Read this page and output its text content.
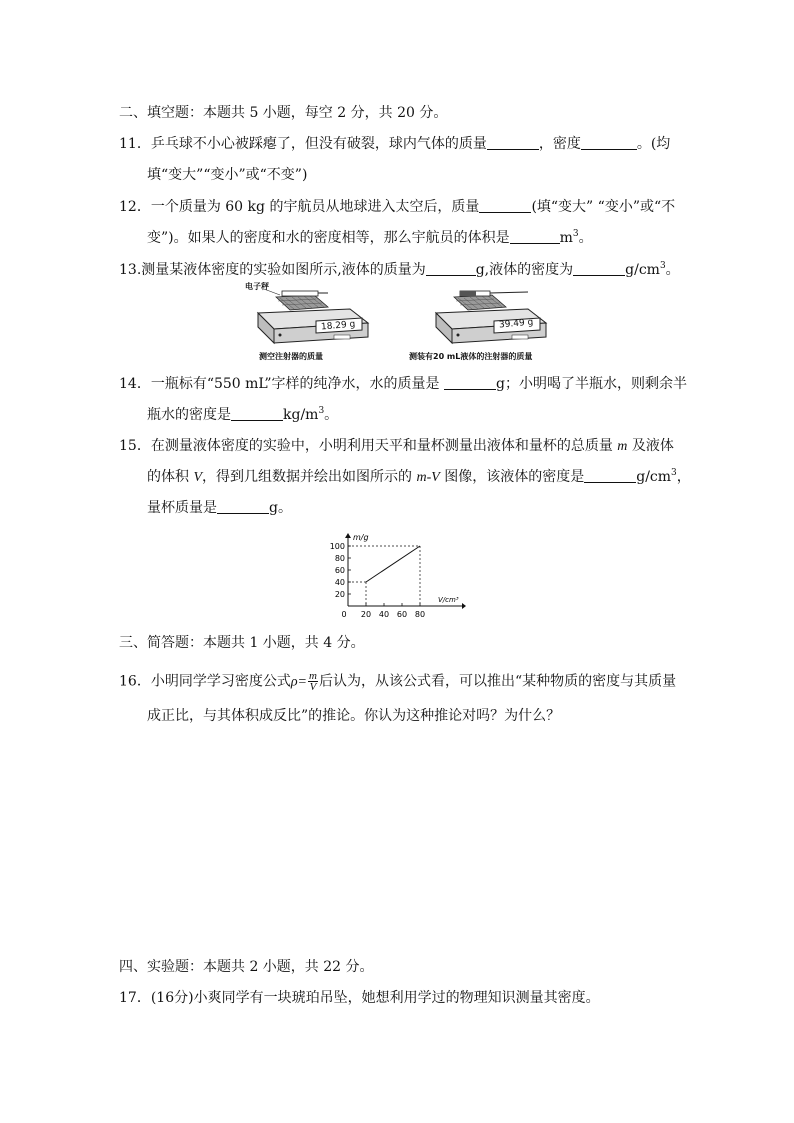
二、填空题：本题共 5 小题，每空 2 分，共 20 分。
11．乒乓球不小心被踩瘪了，但没有破裂，球内气体的质量	，密度	。(均
填“变大”“变小”或“不变”)
12．一个质量为 60 kg 的宇航员从地球进入太空后，质量	(填“变大” “变小”或“不
变”)。如果人的密度和水的密度相等，那么宇航员的体积是	$m^3$。
13.测量某液体密度的实验如图所示,液体的质量为	g,液体的密度为	$g/cm^3$。
电子秤
18.29 g
测空注射器的质量
39.49 g
测装有20 mL液体的注射器的质量
14．一瓶标有“550 mL”字样的纯净水，水的质量是	g；小明喝了半瓶水，则剩余半
瓶水的密度是	$kg/m^3$。
15．在测量液体密度的实验中，小明利用天平和量杯测量出液体和量杯的总质量 m 及液体
的体积 V，得到几组数据并绘出如图所示的 m-V 图像，该液体的密度是	$g/cm^3$，
量杯质量是	g。
m/g
V/cm³
20
40
60
80
100
0 20 40 60 80
三、简答题：本题共 1 小题，共 4 分。
16．小明同学学习密度公式$\rho= \frac{m}{V}$ 后认为，从该公式看，可以推出“某种物质的密度与其质量
成正比，与其体积成反比”的推论。你认为这种推论对吗？为什么？
四、实验题：本题共 2 小题，共 22 分。
17．(16分)小爽同学有一块琥珀吊坠，她想利用学过的物理知识测量其密度。
